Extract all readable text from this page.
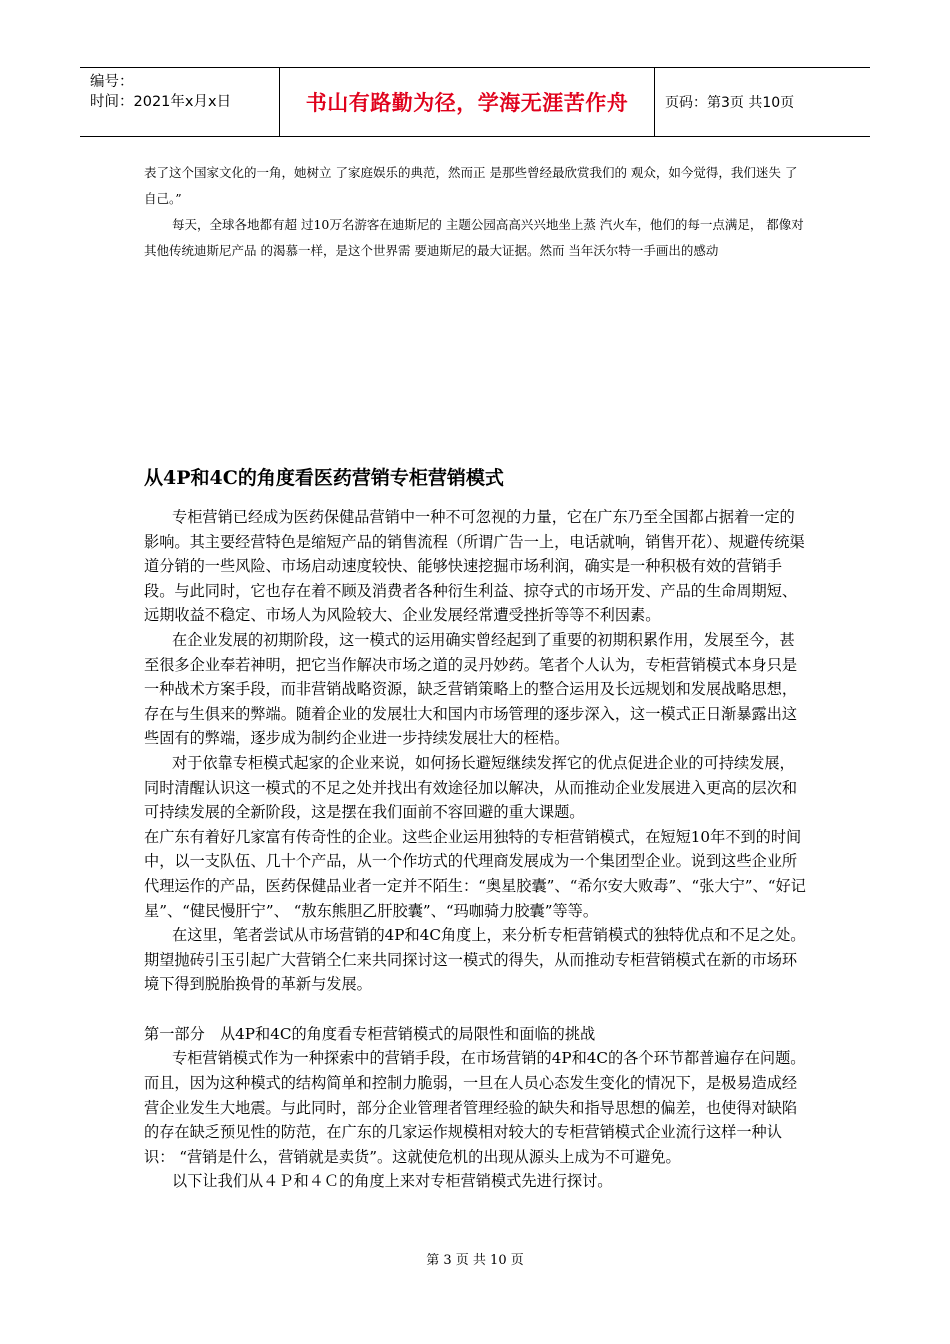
编号：
时间：2021年x月x日	书山有路勤为径，学海无涯苦作舟	页码：第3页 共10页

表了这个国家文化的一角，她树立 了家庭娱乐的典范，然而正 是那些曾经最欣赏我们的 观众，如今觉得，我们迷失 了自己。”

每天，全球各地都有超 过10万名游客在迪斯尼的 主题公园高高兴兴地坐上蒸 汽火车，他们的每一点满足， 都像对其他传统迪斯尼产品 的渴慕一样，是这个世界需 要迪斯尼的最大证据。然而 当年沃尔特一手画出的感动

从4P和4C的角度看医药营销专柜营销模式

专柜营销已经成为医药保健品营销中一种不可忽视的力量，它在广东乃至全国都占据着一定的影响。其主要经营特色是缩短产品的销售流程（所谓广告一上，电话就响，销售开花）、规避传统渠道分销的一些风险、市场启动速度较快、能够快速挖掘市场利润，确实是一种积极有效的营销手段。与此同时，它也存在着不顾及消费者各种衍生利益、掠夺式的市场开发、产品的生命周期短、远期收益不稳定、市场人为风险较大、企业发展经常遭受挫折等等不利因素。

在企业发展的初期阶段，这一模式的运用确实曾经起到了重要的初期积累作用，发展至今，甚至很多企业奉若神明，把它当作解决市场之道的灵丹妙药。笔者个人认为，专柜营销模式本身只是一种战术方案手段，而非营销战略资源，缺乏营销策略上的整合运用及长远规划和发展战略思想，存在与生俱来的弊端。随着企业的发展壮大和国内市场管理的逐步深入，这一模式正日渐暴露出这些固有的弊端，逐步成为制约企业进一步持续发展壮大的桎梏。

对于依靠专柜模式起家的企业来说，如何扬长避短继续发挥它的优点促进企业的可持续发展，同时清醒认识这一模式的不足之处并找出有效途径加以解决，从而推动企业发展进入更高的层次和可持续发展的全新阶段，这是摆在我们面前不容回避的重大课题。

在广东有着好几家富有传奇性的企业。这些企业运用独特的专柜营销模式，在短短10年不到的时间中，以一支队伍、几十个产品，从一个作坊式的代理商发展成为一个集团型企业。说到这些企业所代理运作的产品，医药保健品业者一定并不陌生：“奥星胶囊”、“希尔安大败毒”、“张大宁”、“好记星”、“健民慢肝宁”、 “敖东熊胆乙肝胶囊”、“玛咖骑力胶囊”等等。

在这里，笔者尝试从市场营销的4P和4C角度上，来分析专柜营销模式的独特优点和不足之处。期望抛砖引玉引起广大营销仝仁来共同探讨这一模式的得失，从而推动专柜营销模式在新的市场环境下得到脱胎换骨的革新与发展。

第一部分　从4P和4C的角度看专柜营销模式的局限性和面临的挑战

专柜营销模式作为一种探索中的营销手段，在市场营销的4P和4C的各个环节都普遍存在问题。而且，因为这种模式的结构简单和控制力脆弱，一旦在人员心态发生变化的情况下，是极易造成经营企业发生大地震。与此同时，部分企业管理者管理经验的缺失和指导思想的偏差，也使得对缺陷的存在缺乏预见性的防范，在广东的几家运作规模相对较大的专柜营销模式企业流行这样一种认识： “营销是什么，营销就是卖货”。这就使危机的出现从源头上成为不可避免。

以下让我们从４Ｐ和４Ｃ的角度上来对专柜营销模式先进行探讨。

第 3 页 共 10 页
